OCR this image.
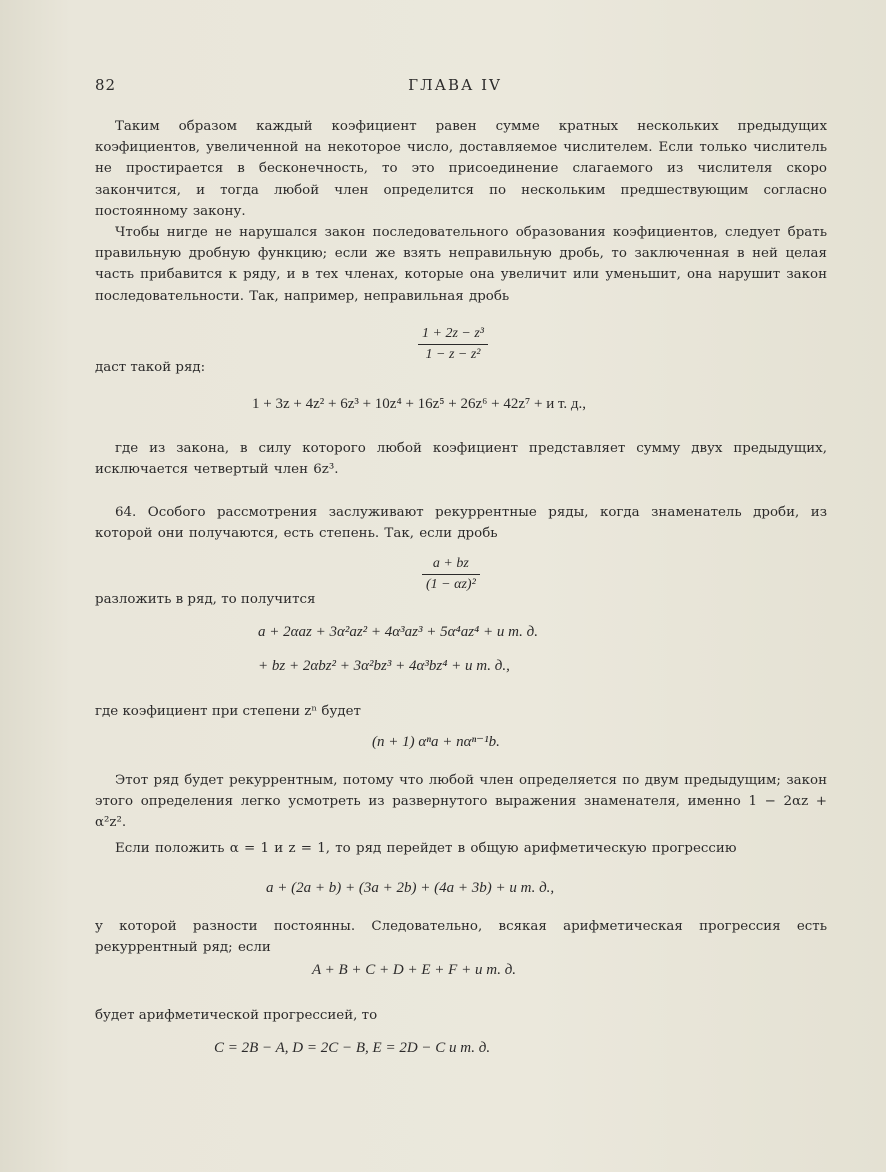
82	ГЛАВА IV

Таким образом каждый коэфициент равен сумме кратных нескольких предыдущих коэфициентов, увеличенной на некоторое число, доставляемое числителем. Если только числитель не простирается в бесконечность, то это присоединение слагаемого из числителя скоро закончится, и тогда любой член определится по нескольким предшествующим согласно постоянному закону.

Чтобы нигде не нарушался закон последовательного образования коэфициентов, следует брать правильную дробную функцию; если же взять неправильную дробь, то заключенная в ней целая часть прибавится к ряду, и в тех членах, которые она увеличит или уменьшит, она нарушит закон последовательности. Так, например, неправильная дробь

1 + 2z − z³
1 − z − z²
даст такой ряд:
1 + 3z + 4z² + 6z³ + 10z⁴ + 16z⁵ + 26z⁶ + 42z⁷ + и т. д.,

где из закона, в силу которого любой коэфициент представляет сумму двух предыдущих, исключается четвертый член 6z³.

64. Особого рассмотрения заслуживают рекуррентные ряды, когда знаменатель дроби, из которой они получаются, есть степень. Так, если дробь

a + bz
(1 − αz)²
разложить в ряд, то получится
a + 2αaz + 3α²az² + 4α³az³ + 5α⁴az⁴ + и т. д.
+ bz + 2αbz² + 3α²bz³ + 4α³bz⁴ + и т. д.,
где коэфициент при степени zⁿ будет
(n + 1) αⁿa + nαⁿ⁻¹b.

Этот ряд будет рекуррентным, потому что любой член определяется по двум предыдущим; закон этого определения легко усмотреть из развернутого выражения знаменателя, именно 1 − 2αz + α²z².

Если положить α = 1 и z = 1, то ряд перейдет в общую арифметическую прогрессию

a + (2a + b) + (3a + 2b) + (4a + 3b) + и т. д.,

у которой разности постоянны. Следовательно, всякая арифметическая прогрессия есть рекуррентный ряд; если

A + B + C + D + E + F + и т. д.
будет арифметической прогрессией, то
C = 2B − A, D = 2C − B, E = 2D − C и т. д.
